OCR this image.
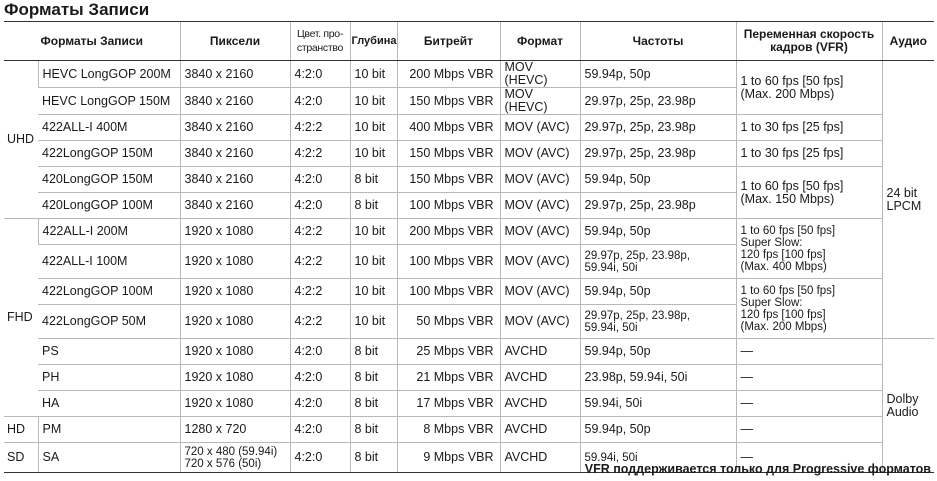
Форматы Записи
Форматы Записи		Пиксели	Цвет. про-
странство	Глубина	Битрейт	Формат	Частоты	Переменная скорость кадров (VFR)	Аудио
UHD	HEVC LongGOP 200M	3840 x 2160	4:2:0	10 bit	200 Mbps VBR	MOV (HEVC)	59.94p, 50p	1 to 60 fps [50 fps]
(Max. 200 Mbps)	24 bit
LPCM
	HEVC LongGOP 150M	3840 x 2160	4:2:0	10 bit	150 Mbps VBR	MOV (HEVC)	29.97p, 25p, 23.98p		
	422ALL-I 400M	3840 x 2160	4:2:2	10 bit	400 Mbps VBR	MOV (AVC)	29.97p, 25p, 23.98p	1 to 30 fps [25 fps]	
	422LongGOP 150M	3840 x 2160	4:2:2	10 bit	150 Mbps VBR	MOV (AVC)	29.97p, 25p, 23.98p	1 to 30 fps [25 fps]	
	420LongGOP 150M	3840 x 2160	4:2:0	8 bit	150 Mbps VBR	MOV (AVC)	59.94p, 50p	1 to 60 fps [50 fps]
(Max. 150 Mbps)	
	420LongGOP 100M	3840 x 2160	4:2:0	8 bit	100 Mbps VBR	MOV (AVC)	29.97p, 25p, 23.98p		
FHD	422ALL-I 200M	1920 x 1080	4:2:2	10 bit	200 Mbps VBR	MOV (AVC)	59.94p, 50p	1 to 60 fps [50 fps]
Super Slow:
120 fps [100 fps]
(Max. 400 Mbps)	
	422ALL-I 100M	1920 x 1080	4:2:2	10 bit	100 Mbps VBR	MOV (AVC)	29.97p, 25p, 23.98p,
59.94i, 50i		
	422LongGOP 100M	1920 x 1080	4:2:2	10 bit	100 Mbps VBR	MOV (AVC)	59.94p, 50p	1 to 60 fps [50 fps]
Super Slow:
120 fps [100 fps]
(Max. 200 Mbps)	
	422LongGOP 50M	1920 x 1080	4:2:2	10 bit	50 Mbps VBR	MOV (AVC)	29.97p, 25p, 23.98p,
59.94i, 50i		
	PS	1920 x 1080	4:2:0	8 bit	25 Mbps VBR	AVCHD	59.94p, 50p	—	Dolby
Audio
	PH	1920 x 1080	4:2:0	8 bit	21 Mbps VBR	AVCHD	23.98p, 59.94i, 50i	—	
	HA	1920 x 1080	4:2:0	8 bit	17 Mbps VBR	AVCHD	59.94i, 50i	—	
HD	PM	1280 x 720	4:2:0	8 bit	8 Mbps VBR	AVCHD	59.94p, 50p	—	
SD	SA	720 x 480 (59.94i)
720 x 576 (50i)	4:2:0	8 bit	9 Mbps VBR	AVCHD	59.94i, 50i	—	
VFR поддерживается только для Progressive форматов
